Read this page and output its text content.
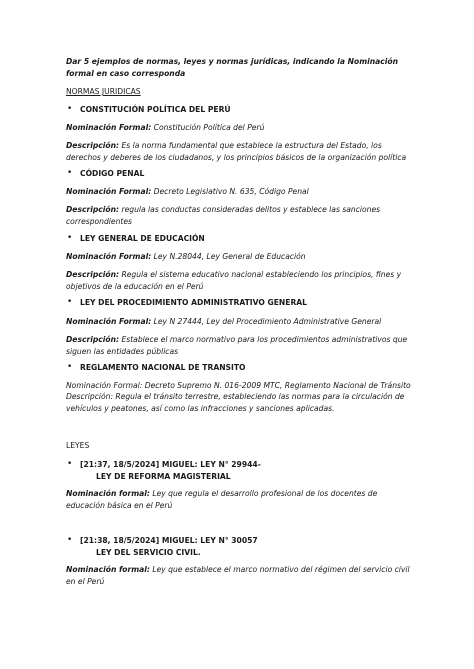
Dar 5 ejemplos de normas, leyes y normas jurídicas, indicando la Nominación formal en caso corresponda
NORMAS JURIDICAS
• CONSTITUCIÓN POLÍTICA DEL PERÚ
Nominación Formal: Constitución Política del Perú
Descripción: Es la norma fundamental que establece la estructura del Estado, los derechos y deberes de los ciudadanos, y los principios básicos de la organización política
• CÓDIGO PENAL
Nominación Formal: Decreto Legislativo N. 635, Código Penal
Descripción: regula las conductas consideradas delitos y establece las sanciones correspondientes
• LEY GENERAL DE EDUCACIÓN
Nominación Formal: Ley N.28044, Ley General de Educación
Descripción: Regula el sistema educativo nacional estableciendo los principios, fines y objetivos de la educación en el Perú
• LEY DEL PROCEDIMIENTO ADMINISTRATIVO GENERAL
Nominación Formal: Ley N 27444, Ley del Procedimiento Administrative General
Descripción: Establece el marco normativo para los procedimientos administrativos que siguen las entidades públicas
• REGLAMENTO NACIONAL DE TRANSITO
Nominación Formal: Decreto Supremo N. 016-2009 MTC, Reglamento Nacional de Tránsito
Descripción: Regula el tránsito terrestre, estableciendo las normas para la circulación de vehículos y peatones, así como las infracciones y sanciones aplicadas.
LEYES
• [21:37, 18/5/2024] MIGUEL: LEY N° 29944-
LEY DE REFORMA MAGISTERIAL
Nominación formal: Ley que regula el desarrollo profesional de los docentes de educación básica en el Perú
• [21:38, 18/5/2024] MIGUEL: LEY N° 30057
LEY DEL SERVICIO CIVIL.
Nominación formal: Ley que establece el marco normativo del régimen del servicio civil en el Perú
